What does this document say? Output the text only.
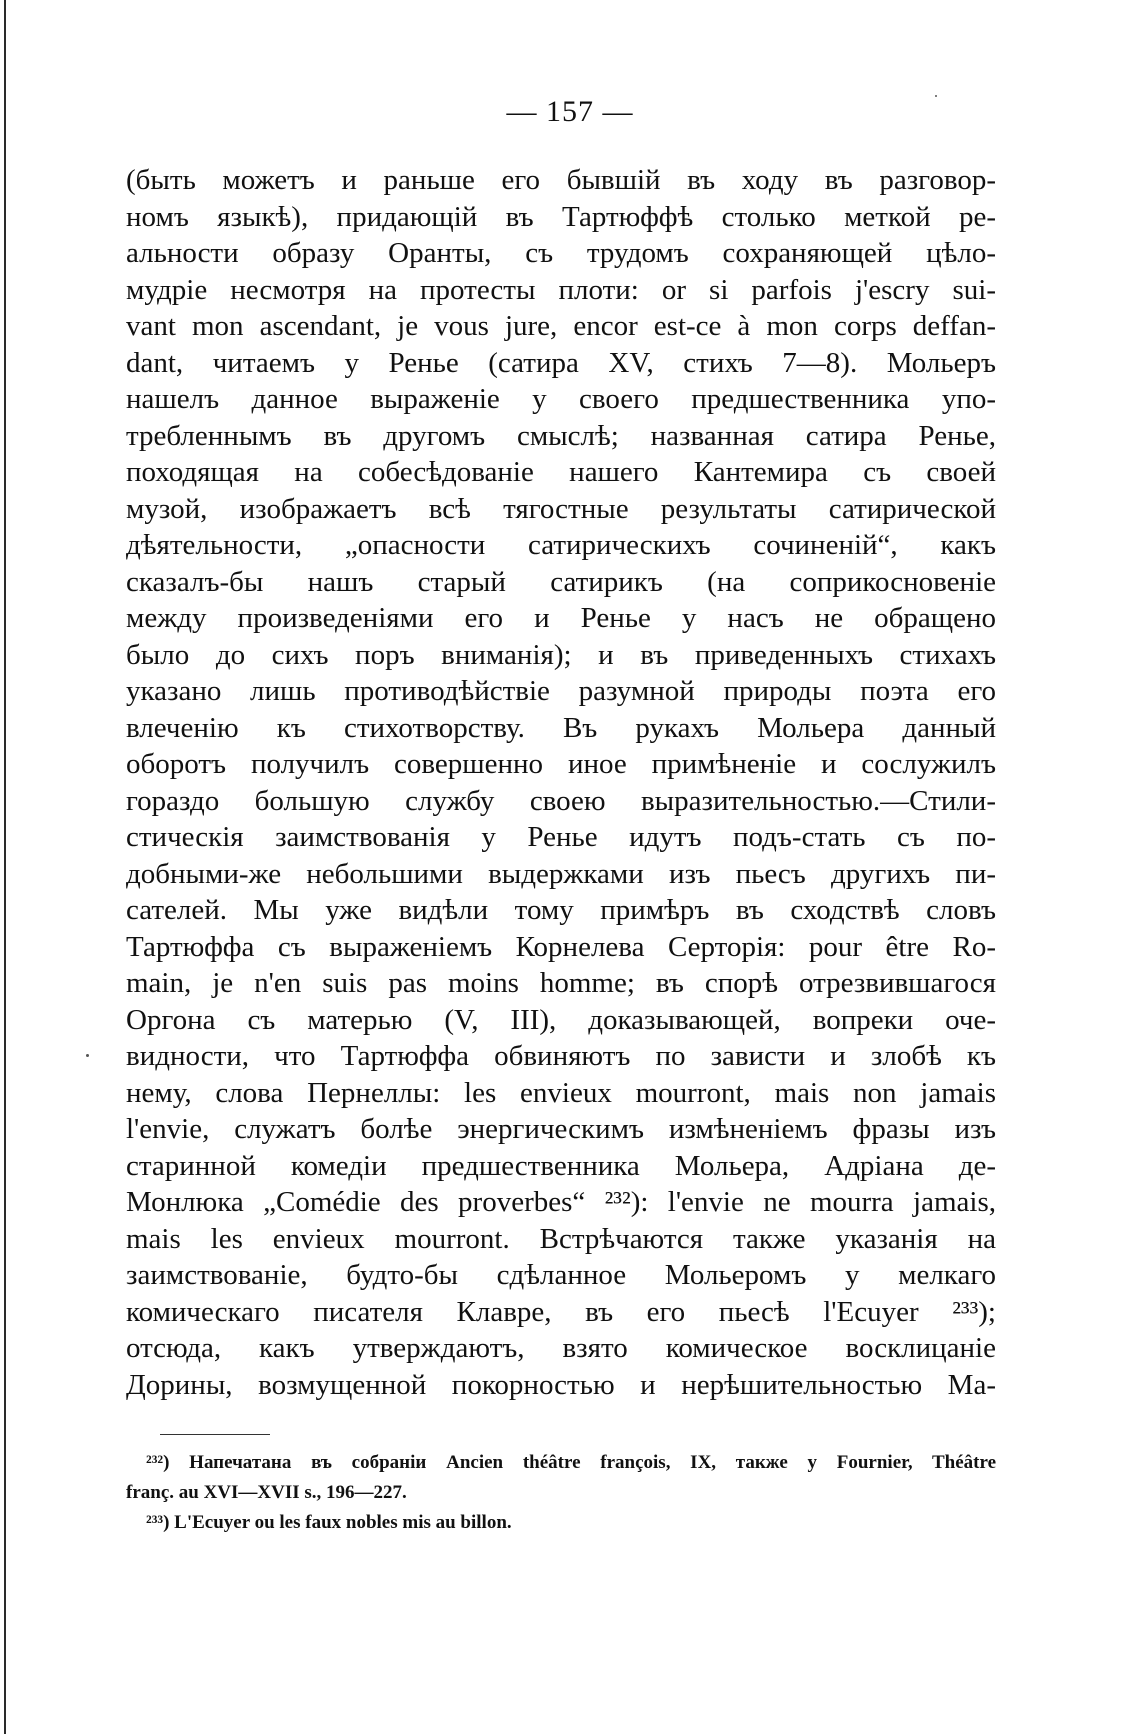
— 157 —
(быть можетъ и раньше его бывшій въ ходу въ разговор-
номъ языкѣ), придающій въ Тартюффѣ столько меткой ре-
альности образу Оранты, съ трудомъ сохраняющей цѣло-
мудріе несмотря на протесты плоти: or si parfois j'escry sui-
vant mon ascendant, je vous jure, encor est-ce à mon corps deffan-
dant, читаемъ у Ренье (сатира XV, стихъ 7—8). Мольеръ
нашелъ данное выраженіе у своего предшественника упо-
требленнымъ въ другомъ смыслѣ; названная сатира Ренье,
походящая на собесѣдованіе нашего Кантемира съ своей
музой, изображаетъ всѣ тягостные результаты сатирической
дѣятельности, „опасности сатирическихъ сочиненій“, какъ
сказалъ-бы нашъ старый сатирикъ (на соприкосновеніе
между произведеніями его и Ренье у насъ не обращено
было до сихъ поръ вниманія); и въ приведенныхъ стихахъ
указано лишь противодѣйствіе разумной природы поэта его
влеченію къ стихотворству. Въ рукахъ Мольера данный
оборотъ получилъ совершенно иное примѣненіе и сослужилъ
гораздо большую службу своею выразительностью.—Стили-
стическія заимствованія у Ренье идутъ подъ-стать съ по-
добными-же небольшими выдержками изъ пьесъ другихъ пи-
сателей. Мы уже видѣли тому примѣръ въ сходствѣ словъ
Тартюффа съ выраженіемъ Корнелева Серторія: pour être Ro-
main, je n'en suis pas moins homme; въ спорѣ отрезвившагося
Оргона съ матерью (V, III), доказывающей, вопреки оче-
видности, что Тартюффа обвиняютъ по зависти и злобѣ къ
нему, слова Пернеллы: les envieux mourront, mais non jamais
l'envie, служатъ болѣе энергическимъ измѣненіемъ фразы изъ
старинной комедіи предшественника Мольера, Адріана де-
Монлюка „Comédie des proverbes“ ²³²): l'envie ne mourra jamais,
mais les envieux mourront. Встрѣчаются также указанія на
заимствованіе, будто-бы сдѣланное Мольеромъ у мелкаго
комическаго писателя Клавре, въ его пьесѣ l'Ecuyer ²³³);
отсюда, какъ утверждаютъ, взято комическое восклицаніе
Дорины, возмущенной покорностью и нерѣшительностью Ма-
²³²) Напечатана въ собраніи Ancien théâtre françois, IX, также у Fournier, Théâtre
franç. au XVI—XVII s., 196—227.
²³³) L'Ecuyer ou les faux nobles mis au billon.
